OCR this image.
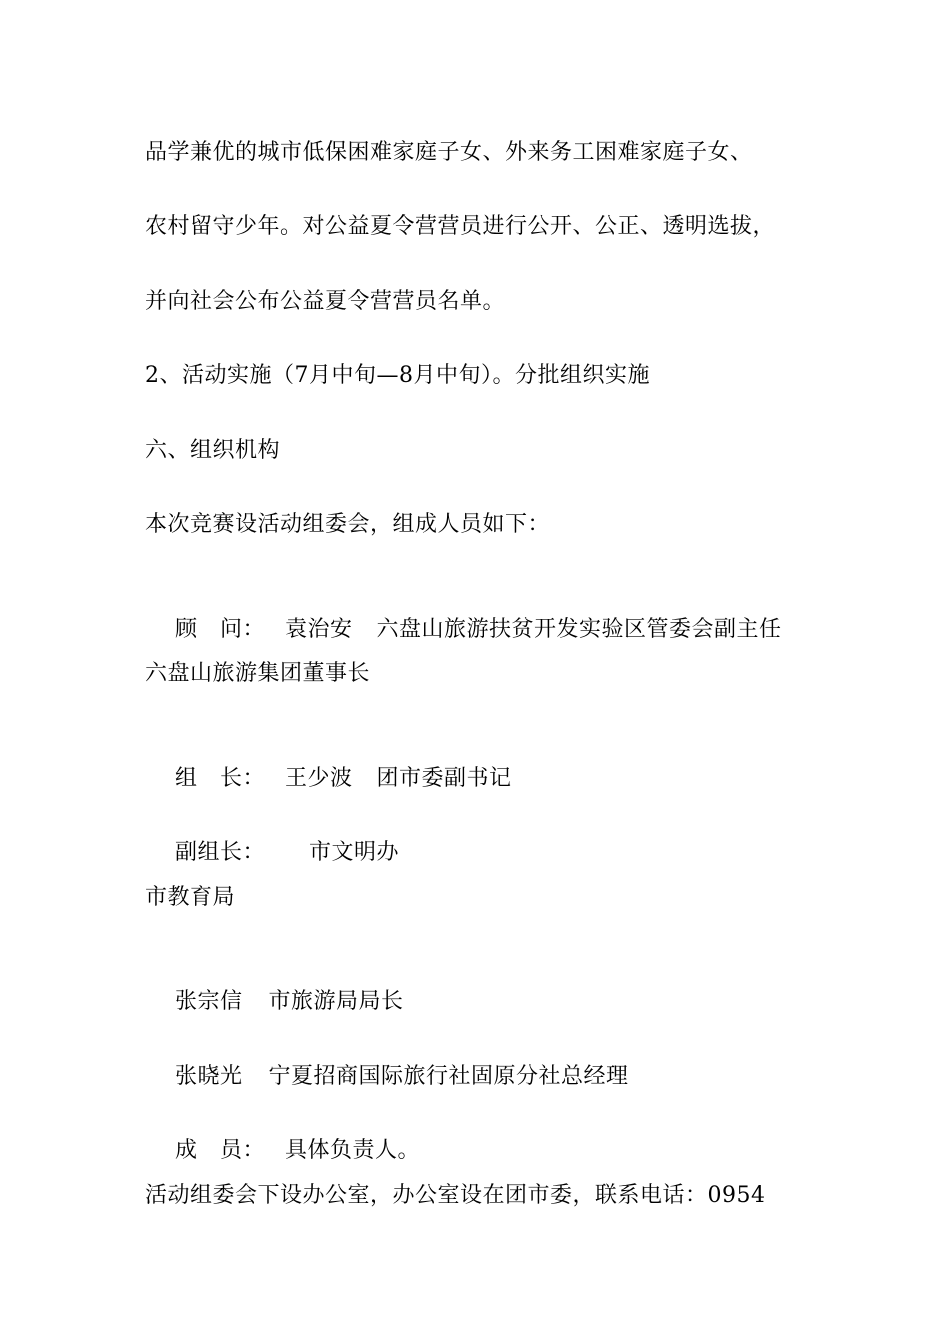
品学兼优的城市低保困难家庭子女、外来务工困难家庭子女、
农村留守少年。对公益夏令营营员进行公开、公正、透明选拔，
并向社会公布公益夏令营营员名单。
2、活动实施（7月中旬—8月中旬）。分批组织实施
六、组织机构
本次竞赛设活动组委会，组成人员如下：

顾　问： 袁治安 六盘山旅游扶贫开发实验区管委会副主任

六盘山旅游集团董事长

组　长： 王少波 团市委副书记

副组长： 市文明办

市教育局

张宗信 市旅游局局长

张晓光 宁夏招商国际旅行社固原分社总经理

成　员： 具体负责人。

活动组委会下设办公室，办公室设在团市委，联系电话：0954
